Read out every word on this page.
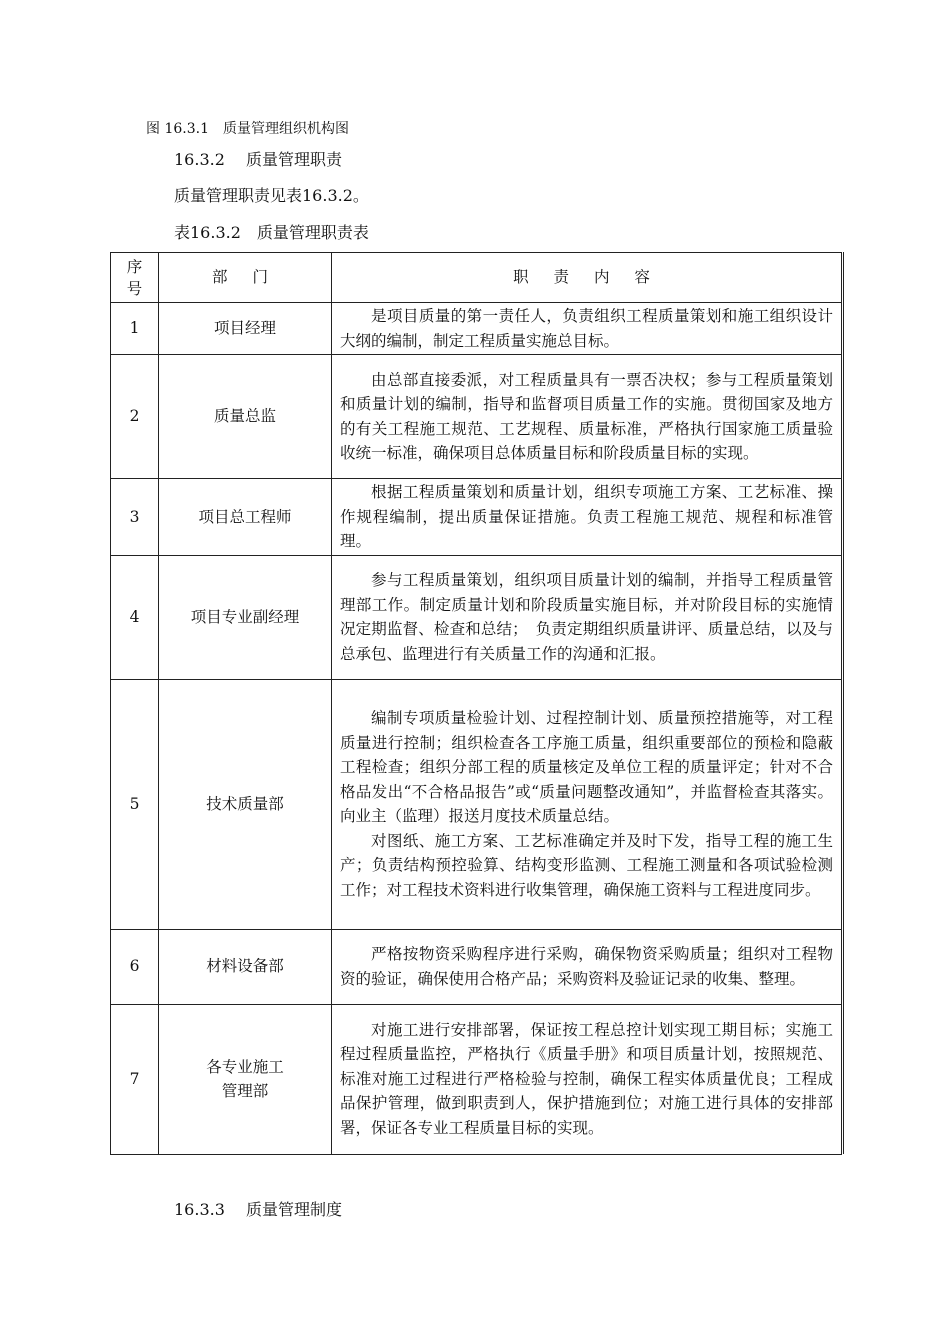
图 16.3.1　质量管理组织机构图
16.3.2　 质量管理职责
质量管理职责见表16.3.2。
表16.3.2　质量管理职责表
序号	部 门	职 责 内 容
1	项目经理	是项目质量的第一责任人，负责组织工程质量策划和施工组织设计大纲的编制，制定工程质量实施总目标。

2	质量总监	由总部直接委派，对工程质量具有一票否决权；参与工程质量策划和质量计划的编制，指导和监督项目质量工作的实施。贯彻国家及地方的有关工程施工规范、工艺规程、质量标准，严格执行国家施工质量验收统一标准，确保项目总体质量目标和阶段质量目标的实现。

3	项目总工程师	根据工程质量策划和质量计划，组织专项施工方案、工艺标准、操作规程编制，提出质量保证措施。负责工程施工规范、规程和标准管理。

4	项目专业副经理	参与工程质量策划，组织项目质量计划的编制，并指导工程质量管理部工作。制定质量计划和阶段质量实施目标，并对阶段目标的实施情况定期监督、检查和总结；　负责定期组织质量讲评、质量总结，以及与总承包、监理进行有关质量工作的沟通和汇报。

5	技术质量部	编制专项质量检验计划、过程控制计划、质量预控措施等，对工程质量进行控制；组织检查各工序施工质量，组织重要部位的预检和隐蔽工程检查；组织分部工程的质量核定及单位工程的质量评定；针对不合格品发出“不合格品报告”或“质量问题整改通知”，并监督检查其落实。向业主（监理）报送月度技术质量总结。

对图纸、施工方案、工艺标准确定并及时下发，指导工程的施工生产；负责结构预控验算、结构变形监测、工程施工测量和各项试验检测工作；对工程技术资料进行收集管理，确保施工资料与工程进度同步。

6	材料设备部	严格按物资采购程序进行采购，确保物资采购质量；组织对工程物资的验证，确保使用合格产品；采购资料及验证记录的收集、整理。

7	各专业施工
管理部	对施工进行安排部署，保证按工程总控计划实现工期目标；实施工程过程质量监控，严格执行《质量手册》和项目质量计划，按照规范、标准对施工过程进行严格检验与控制，确保工程实体质量优良；工程成品保护管理，做到职责到人，保护措施到位；对施工进行具体的安排部署，保证各专业工程质量目标的实现。

16.3.3　 质量管理制度
